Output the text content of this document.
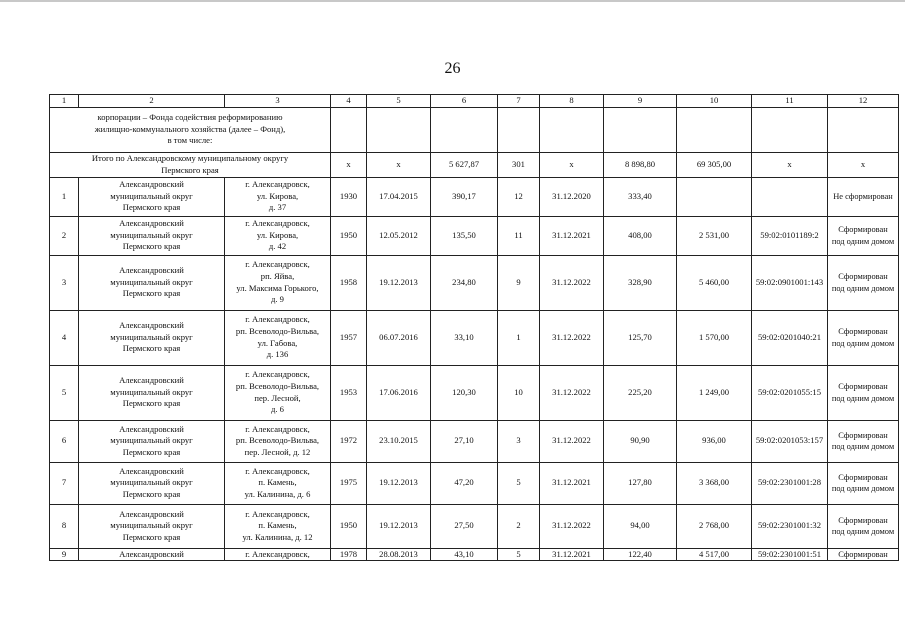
26
1	2	3	4	5	6	7	8	9	10	11	12
корпорации – Фонда содействия реформированию
жилищно-коммунального хозяйства (далее – Фонд),
в том числе:											
Итого по Александровскому муниципальному округу
Пермского края			x	x	5 627,87	301	x	8 898,80	69 305,00	x	x
1	Александровский
муниципальный округ
Пермского края	г. Александровск,
ул. Кирова,
д. 37	1930	17.04.2015	390,17	12	31.12.2020	333,40			Не сформирован
2	Александровский
муниципальный округ
Пермского края	г. Александровск,
ул. Кирова,
д. 42	1950	12.05.2012	135,50	11	31.12.2021	408,00	2 531,00	59:02:0101189:2	Сформирован
под одним домом
3	Александровский
муниципальный округ
Пермского края	г. Александровск,
рп. Яйва,
ул. Максима Горького,
д. 9	1958	19.12.2013	234,80	9	31.12.2022	328,90	5 460,00	59:02:0901001:143	Сформирован
под одним домом
4	Александровский
муниципальный округ
Пермского края	г. Александровск,
рп. Всеволодо-Вильва,
ул. Габова,
д. 136	1957	06.07.2016	33,10	1	31.12.2022	125,70	1 570,00	59:02:0201040:21	Сформирован
под одним домом
5	Александровский
муниципальный округ
Пермского края	г. Александровск,
рп. Всеволодо-Вильва,
пер. Лесной,
д. 6	1953	17.06.2016	120,30	10	31.12.2022	225,20	1 249,00	59:02:0201055:15	Сформирован
под одним домом
6	Александровский
муниципальный округ
Пермского края	г. Александровск,
рп. Всеволодо-Вильва,
пер. Лесной, д. 12	1972	23.10.2015	27,10	3	31.12.2022	90,90	936,00	59:02:0201053:157	Сформирован
под одним домом
7	Александровский
муниципальный округ
Пермского края	г. Александровск,
п. Камень,
ул. Калинина, д. 6	1975	19.12.2013	47,20	5	31.12.2021	127,80	3 368,00	59:02:2301001:28	Сформирован
под одним домом
8	Александровский
муниципальный округ
Пермского края	г. Александровск,
п. Камень,
ул. Калинина, д. 12	1950	19.12.2013	27,50	2	31.12.2022	94,00	2 768,00	59:02:2301001:32	Сформирован
под одним домом
9	Александровский	г. Александровск,	1978	28.08.2013	43,10	5	31.12.2021	122,40	4 517,00	59:02:2301001:51	Сформирован
